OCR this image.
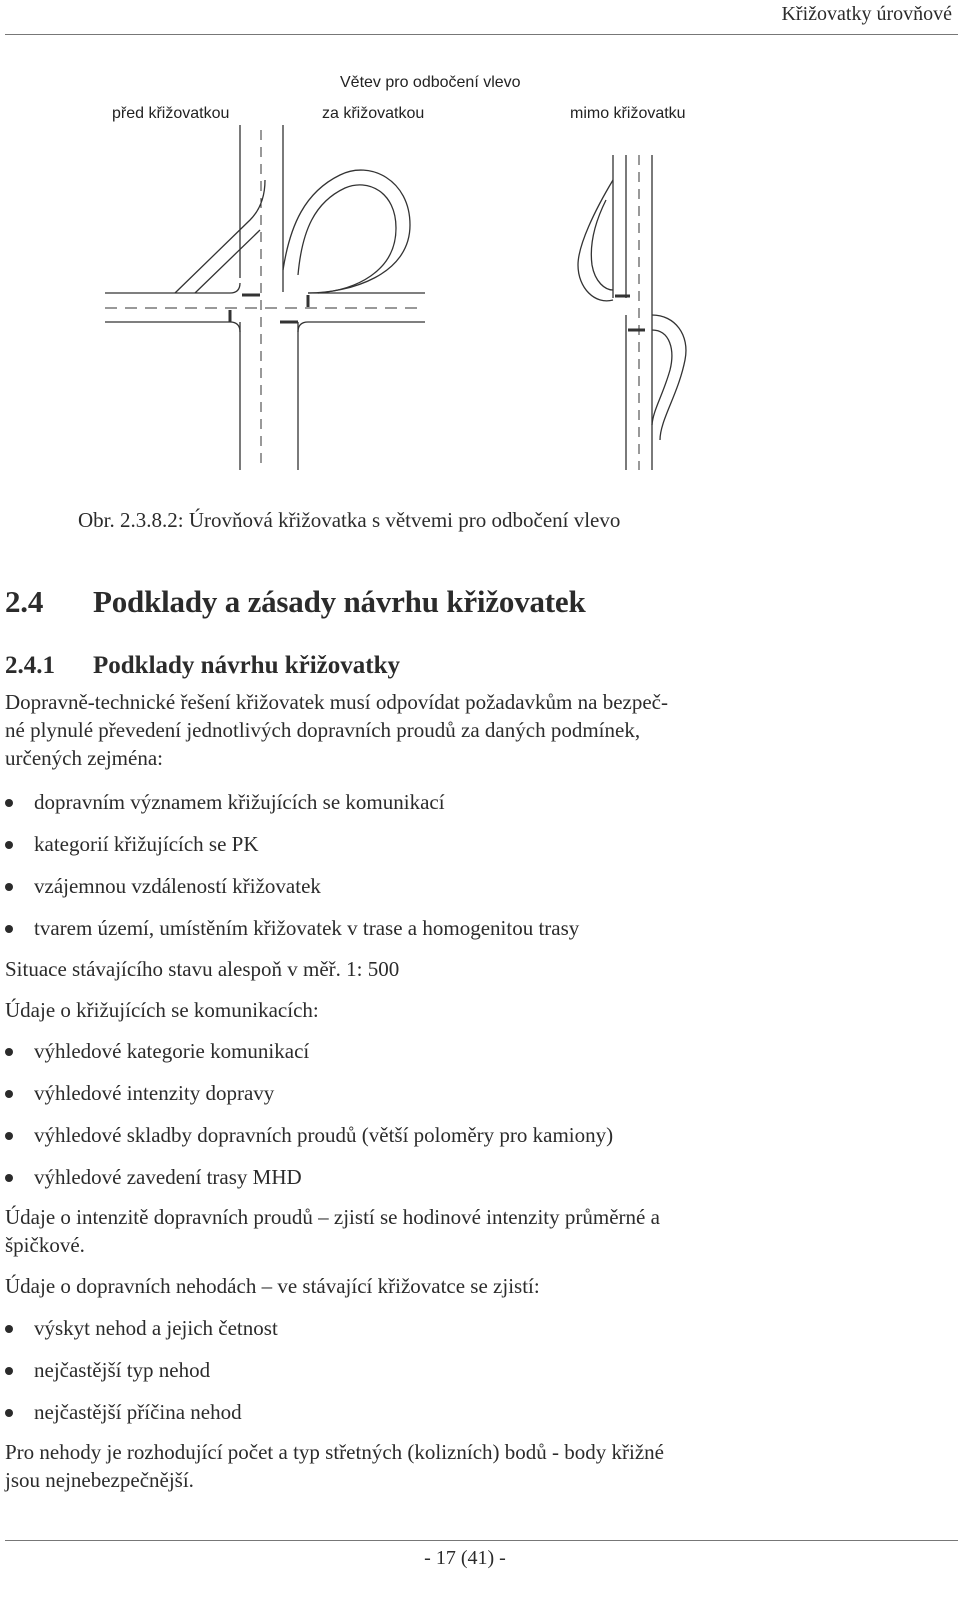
Křižovatky úrovňové
Větev pro odbočení vlevo
před křižovatkou	za křižovatkou	mimo křižovatku
Obr. 2.3.8.2: Úrovňová křižovatka s větvemi pro odbočení vlevo
2.4 Podklady a zásady návrhu křižovatek
2.4.1 Podklady návrhu křižovatky
Dopravně-technické řešení křižovatek musí odpovídat požadavkům na bezpeč-
né plynulé převedení jednotlivých dopravních proudů za daných podmínek,
určených zejména:
dopravním významem křižujících se komunikací
kategorií křižujících se PK
vzájemnou vzdáleností křižovatek
tvarem území, umístěním křižovatek v trase a homogenitou trasy
Situace stávajícího stavu alespoň v měř. 1: 500
Údaje o křižujících se komunikacích:
výhledové kategorie komunikací
výhledové intenzity dopravy
výhledové skladby dopravních proudů (větší poloměry pro kamiony)
výhledové zavedení trasy MHD
Údaje o intenzitě dopravních proudů – zjistí se hodinové intenzity průměrné a
špičkové.
Údaje o dopravních nehodách – ve stávající křižovatce se zjistí:
výskyt nehod a jejich četnost
nejčastější typ nehod
nejčastější příčina nehod
Pro nehody je rozhodující počet a typ střetných (kolizních) bodů - body křižné
jsou nejnebezpečnější.
- 17 (41) -
